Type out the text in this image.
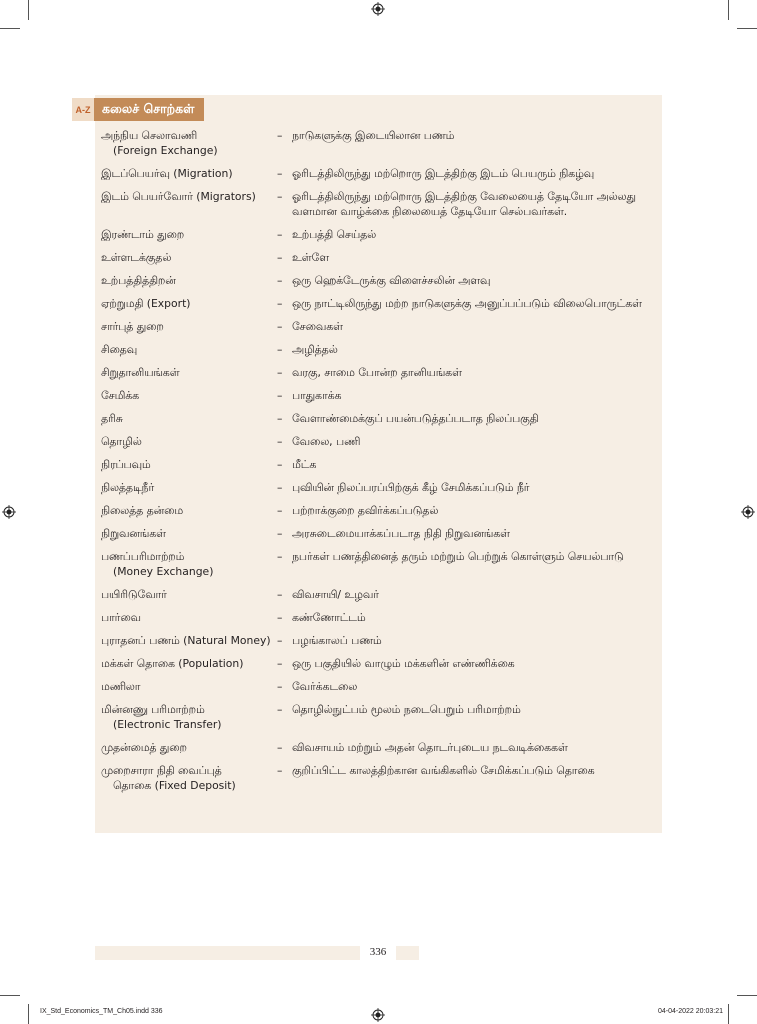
A-Z கலைச் சொற்கள்
அந்நிய செலாவணி
(Foreign Exchange)
– நாடுகளுக்கு இடையிலான பணம்
இடப்பெயர்வு (Migration)	– ஓரிடத்திலிருந்து மற்றொரு இடத்திற்கு இடம் பெயரும் நிகழ்வு
இடம் பெயர்வோர் (Migrators)	– ஓரிடத்திலிருந்து மற்றொரு இடத்திற்கு வேலையைத் தேடியோ அல்லது வளமான வாழ்க்கை நிலையைத் தேடியோ செல்பவர்கள்.
இரண்டாம் துறை	– உற்பத்தி செய்தல்
உள்ளடக்குதல்	– உள்ளே
உற்பத்தித்திறன்	– ஒரு ஹெக்டேருக்கு விளைச்சலின் அளவு
ஏற்றுமதி (Export)	– ஒரு நாட்டிலிருந்து மற்ற நாடுகளுக்கு அனுப்பப்படும் விலைபொருட்கள்
சார்புத் துறை	– சேவைகள்
சிதைவு	– அழித்தல்
சிறுதானியங்கள்	– வரகு, சாமை போன்ற தானியங்கள்
சேமிக்க	– பாதுகாக்க
தரிசு	– வேளாண்மைக்குப் பயன்படுத்தப்படாத நிலப்பகுதி
தொழில்	– வேலை, பணி
நிரப்பவும்	– மீட்க
நிலத்தடிநீர்	– புவியின் நிலப்பரப்பிற்குக் கீழ் சேமிக்கப்படும் நீர்
நிலைத்த தன்மை	– பற்றாக்குறை தவிர்க்கப்படுதல்
நிறுவனங்கள்	– அரசுடைமையாக்கப்படாத நிதி நிறுவனங்கள்
பணப்பரிமாற்றம்
(Money Exchange)
– நபர்கள் பணத்தினைத் தரும் மற்றும் பெற்றுக் கொள்ளும் செயல்பாடு
பயிரிடுவோர்	– விவசாயி/ உழவர்
பார்வை	– கண்ணோட்டம்
புராதனப் பணம் (Natural Money) – பழங்காலப் பணம்
மக்கள் தொகை (Population)	– ஒரு பகுதியில் வாழும் மக்களின் எண்ணிக்கை
மணிலா	– வேர்க்கடலை
மின்னணு பரிமாற்றம்
(Electronic Transfer)
– தொழில்நுட்பம் மூலம் நடைபெறும் பரிமாற்றம்
முதன்மைத் துறை	– விவசாயம் மற்றும் அதன் தொடர்புடைய நடவடிக்கைகள்
முறைசாரா நிதி வைப்புத்
தொகை (Fixed Deposit)
– குறிப்பிட்ட காலத்திற்கான வங்கிகளில் சேமிக்கப்படும் தொகை
336
IX_Std_Economics_TM_Ch05.indd 336	04-04-2022 20:03:21
